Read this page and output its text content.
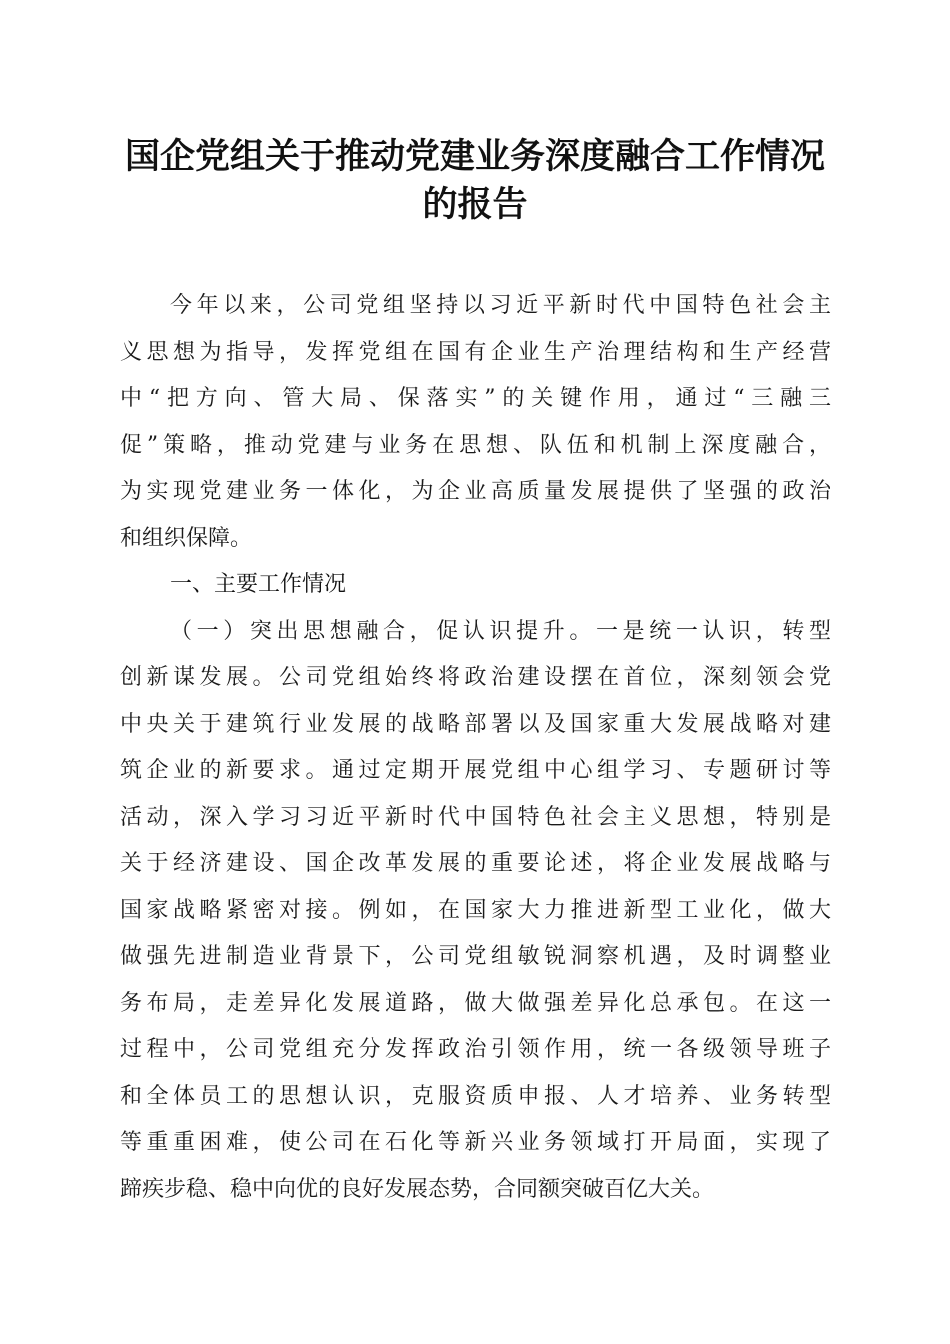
国企党组关于推动党建业务深度融合工作情况
的报告
今年以来，公司党组坚持以习近平新时代中国特色社会主
义思想为指导，发挥党组在国有企业生产治理结构和生产经营
中“把方向、管大局、保落实”的关键作用，通过“三融三
促”策略，推动党建与业务在思想、队伍和机制上深度融合，
为实现党建业务一体化，为企业高质量发展提供了坚强的政治
和组织保障。
一、主要工作情况
（一）突出思想融合，促认识提升。一是统一认识，转型
创新谋发展。公司党组始终将政治建设摆在首位，深刻领会党
中央关于建筑行业发展的战略部署以及国家重大发展战略对建
筑企业的新要求。通过定期开展党组中心组学习、专题研讨等
活动，深入学习习近平新时代中国特色社会主义思想，特别是
关于经济建设、国企改革发展的重要论述，将企业发展战略与
国家战略紧密对接。例如，在国家大力推进新型工业化，做大
做强先进制造业背景下，公司党组敏锐洞察机遇，及时调整业
务布局，走差异化发展道路，做大做强差异化总承包。在这一
过程中，公司党组充分发挥政治引领作用，统一各级领导班子
和全体员工的思想认识，克服资质申报、人才培养、业务转型
等重重困难，使公司在石化等新兴业务领域打开局面，实现了
蹄疾步稳、稳中向优的良好发展态势，合同额突破百亿大关。
